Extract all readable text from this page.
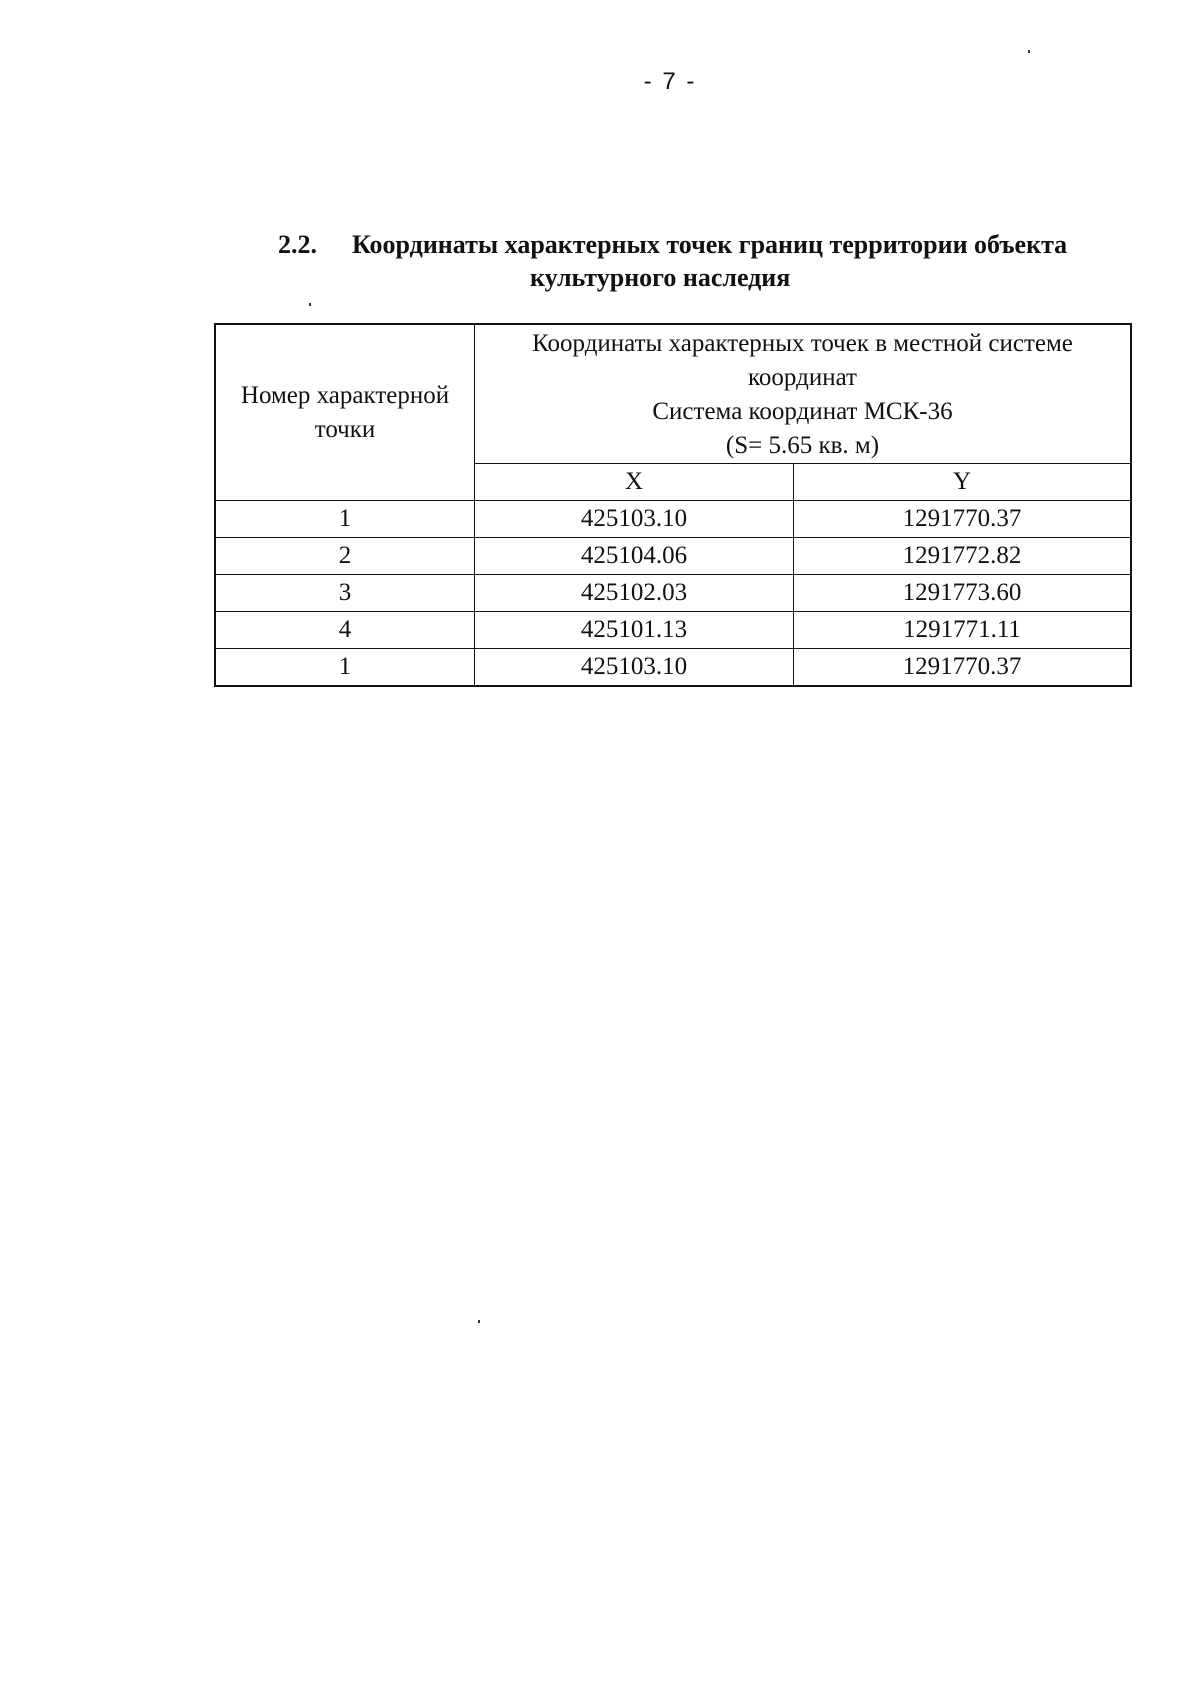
- 7 -
2.2. Координаты характерных точек границ территории объекта
культурного наследия
Номер характерной точки	Координаты характерных точек в местной системе
координат
Система координат МСК-36
(S= 5.65 кв. м)	

	X	Y
1	425103.10	1291770.37
2	425104.06	1291772.82
3	425102.03	1291773.60
4	425101.13	1291771.11
1	425103.10	1291770.37
